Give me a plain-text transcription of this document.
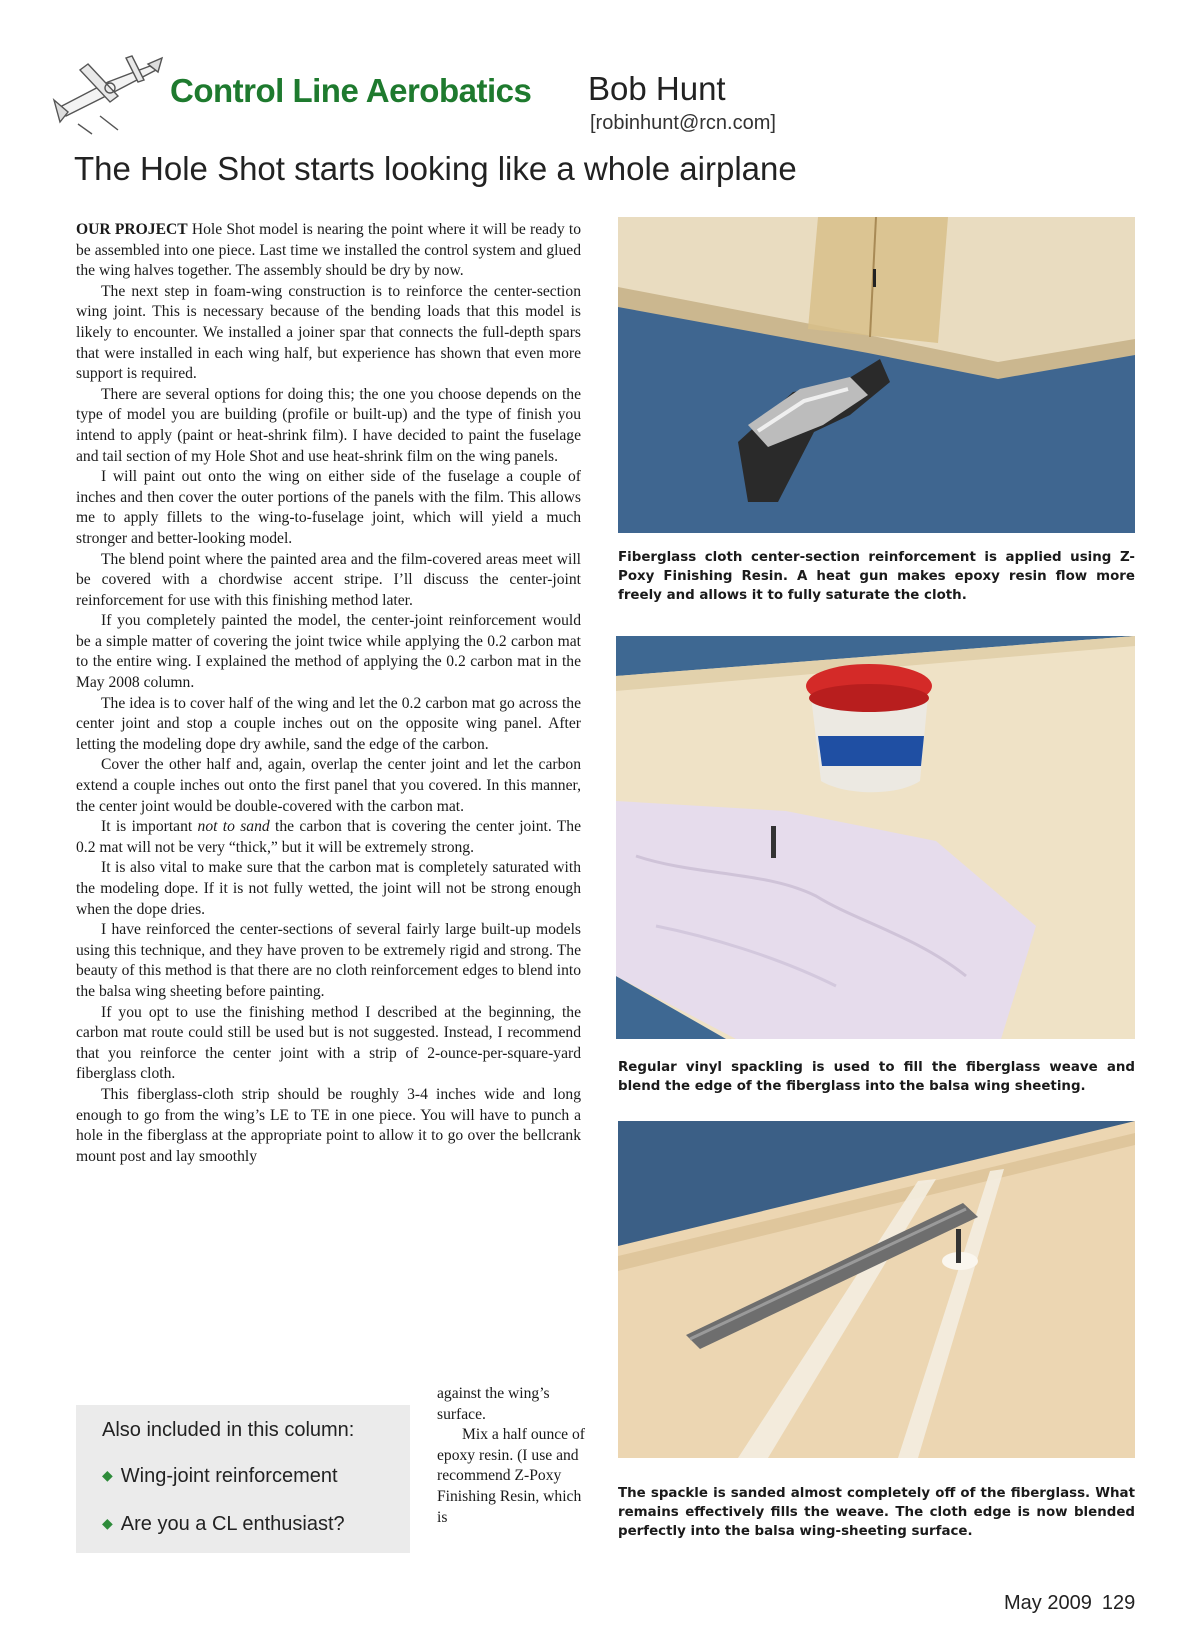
Control Line Aerobatics Bob Hunt
[robinhunt@rcn.com]
The Hole Shot starts looking like a whole airplane

OUR PROJECT Hole Shot model is nearing the point where it will be ready to be assembled into one piece. Last time we installed the control system and glued the wing halves together. The assembly should be dry by now.

The next step in foam-wing construction is to reinforce the center-section wing joint. This is necessary because of the bending loads that this model is likely to encounter. We installed a joiner spar that connects the full-depth spars that were installed in each wing half, but experience has shown that even more support is required.

There are several options for doing this; the one you choose depends on the type of model you are building (profile or built-up) and the type of finish you intend to apply (paint or heat-shrink film). I have decided to paint the fuselage and tail section of my Hole Shot and use heat-shrink film on the wing panels.

I will paint out onto the wing on either side of the fuselage a couple of inches and then cover the outer portions of the panels with the film. This allows me to apply fillets to the wing-to-fuselage joint, which will yield a much stronger and better-looking model.

The blend point where the painted area and the film-covered areas meet will be covered with a chordwise accent stripe. I’ll discuss the center-joint reinforcement for use with this finishing method later.

If you completely painted the model, the center-joint reinforcement would be a simple matter of covering the joint twice while applying the 0.2 carbon mat to the entire wing. I explained the method of applying the 0.2 carbon mat in the May 2008 column.

The idea is to cover half of the wing and let the 0.2 carbon mat go across the center joint and stop a couple inches out on the opposite wing panel. After letting the modeling dope dry awhile, sand the edge of the carbon.

Cover the other half and, again, overlap the center joint and let the carbon extend a couple inches out onto the first panel that you covered. In this manner, the center joint would be double-covered with the carbon mat.

It is important not to sand the carbon that is covering the center joint. The 0.2 mat will not be very “thick,” but it will be extremely strong.

It is also vital to make sure that the carbon mat is completely saturated with the modeling dope. If it is not fully wetted, the joint will not be strong enough when the dope dries.

I have reinforced the center-sections of several fairly large built-up models using this technique, and they have proven to be extremely rigid and strong. The beauty of this method is that there are no cloth reinforcement edges to blend into the balsa wing sheeting before painting.

If you opt to use the finishing method I described at the beginning, the carbon mat route could still be used but is not suggested. Instead, I recommend that you reinforce the center joint with a strip of 2-ounce-per-square-yard fiberglass cloth.

This fiberglass-cloth strip should be roughly 3-4 inches wide and long enough to go from the wing’s LE to TE in one piece. You will have to punch a hole in the fiberglass at the appropriate point to allow it to go over the bellcrank mount post and lay smoothly

against the wing’s surface.

Mix a half ounce of epoxy resin. (I use and recommend Z-Poxy Finishing Resin, which is

Also included in this column:
◆ Wing-joint reinforcement
◆ Are you a CL enthusiast?
Fiberglass cloth center-section reinforcement is applied using Z-Poxy Finishing Resin. A heat gun makes epoxy resin flow more freely and allows it to fully saturate the cloth.
Regular vinyl spackling is used to fill the fiberglass weave and blend the edge of the fiberglass into the balsa wing sheeting.
The spackle is sanded almost completely off of the fiberglass. What remains effectively fills the weave. The cloth edge is now blended perfectly into the balsa wing-sheeting surface.
May 2009 129
